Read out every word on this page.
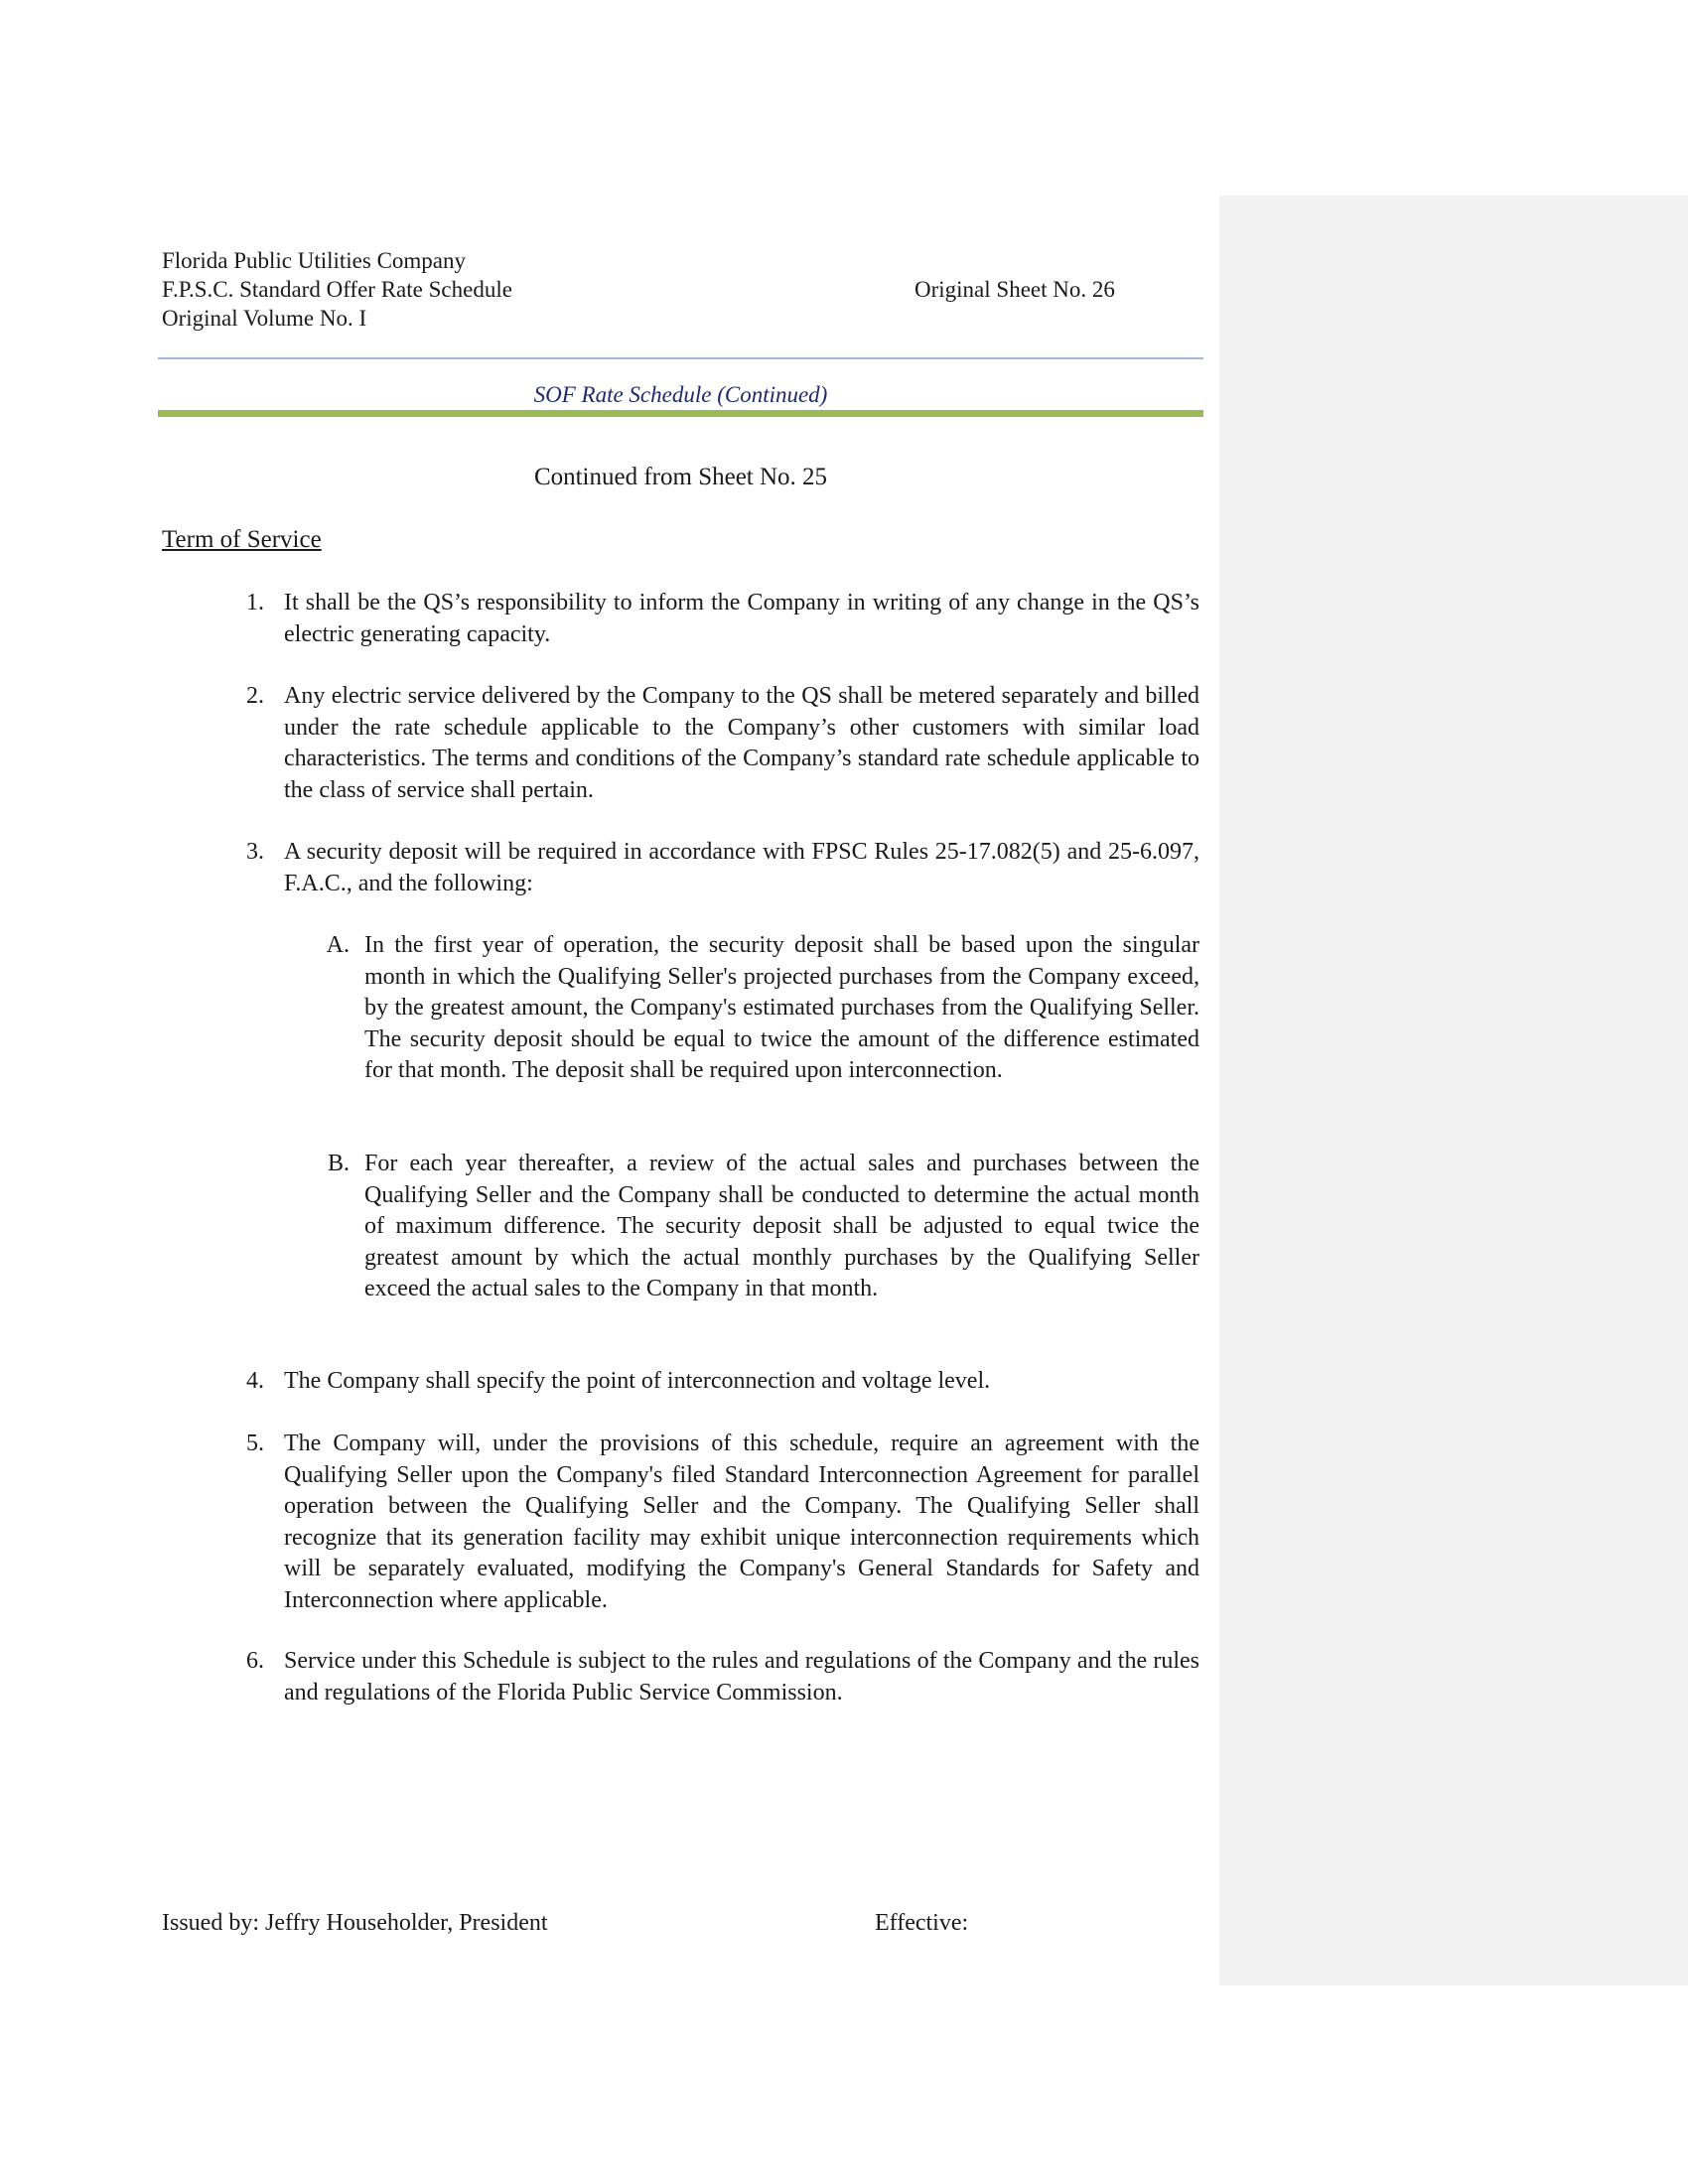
Florida Public Utilities Company
F.P.S.C. Standard Offer Rate Schedule
Original Volume No. I
Original Sheet No. 26
SOF Rate Schedule (Continued)
Continued from Sheet No. 25
Term of Service
1. It shall be the QS’s responsibility to inform the Company in writing of any change in the QS’s electric generating capacity.
2. Any electric service delivered by the Company to the QS shall be metered separately and billed under the rate schedule applicable to the Company’s other customers with similar load characteristics. The terms and conditions of the Company’s standard rate schedule applicable to the class of service shall pertain.
3. A security deposit will be required in accordance with FPSC Rules 25-17.082(5) and 25-6.097, F.A.C., and the following:
A. In the first year of operation, the security deposit shall be based upon the singular month in which the Qualifying Seller's projected purchases from the Company exceed, by the greatest amount, the Company's estimated purchases from the Qualifying Seller. The security deposit should be equal to twice the amount of the difference estimated for that month. The deposit shall be required upon interconnection.
B. For each year thereafter, a review of the actual sales and purchases between the Qualifying Seller and the Company shall be conducted to determine the actual month of maximum difference. The security deposit shall be adjusted to equal twice the greatest amount by which the actual monthly purchases by the Qualifying Seller exceed the actual sales to the Company in that month.
4. The Company shall specify the point of interconnection and voltage level.
5. The Company will, under the provisions of this schedule, require an agreement with the Qualifying Seller upon the Company's filed Standard Interconnection Agreement for parallel operation between the Qualifying Seller and the Company. The Qualifying Seller shall recognize that its generation facility may exhibit unique interconnection requirements which will be separately evaluated, modifying the Company's General Standards for Safety and Interconnection where applicable.
6. Service under this Schedule is subject to the rules and regulations of the Company and the rules and regulations of the Florida Public Service Commission.
Issued by: Jeffry Householder, President	Effective:
